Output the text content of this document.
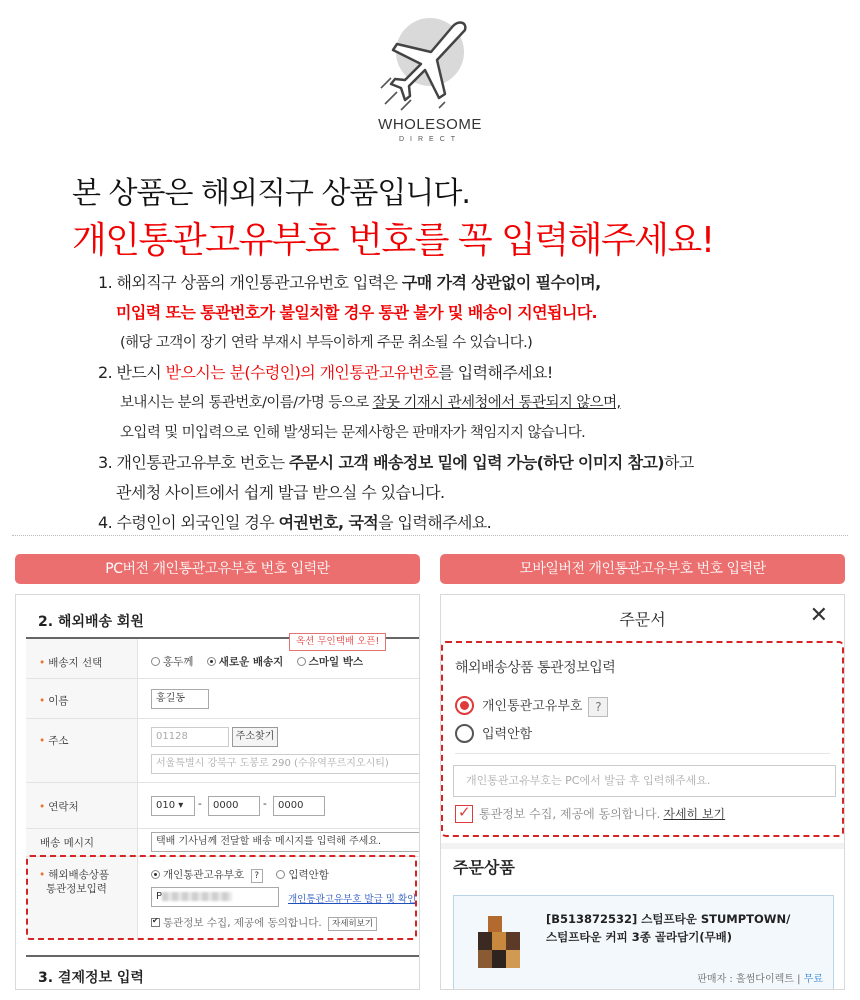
WHOLESOME
DIRECT
본 상품은 해외직구 상품입니다.
개인통관고유부호 번호를 꼭 입력해주세요!
1. 해외직구 상품의 개인통관고유번호 입력은 구매 가격 상관없이 필수이며,
미입력 또는 통관번호가 불일치할 경우 통관 불가 및 배송이 지연됩니다.
(해당 고객이 장기 연락 부재시 부득이하게 주문 취소될 수 있습니다.)
2. 반드시 받으시는 분(수령인)의 개인통관고유번호를 입력해주세요!
보내시는 분의 통관번호/이름/가명 등으로 잘못 기재시 관세청에서 통관되지 않으며,
오입력 및 미입력으로 인해 발생되는 문제사항은 판매자가 책임지지 않습니다.
3. 개인통관고유부호 번호는 주문시 고객 배송정보 밑에 입력 가능(하단 이미지 참고)하고
관세청 사이트에서 쉽게 발급 받으실 수 있습니다.
4. 수령인이 외국인일 경우 여권번호, 국적을 입력해주세요.
PC버전 개인통관고유부호 번호 입력란	모바일버전 개인통관고유부호 번호 입력란
2. 해외배송 회원
옥션 무인택배 오픈!
• 배송지 선택	홍두께 새로운 배송지 스마일 박스
• 이름	홍길동
• 주소	01128	주소찾기
서울특별시 강북구 도봉로 290 (수유역푸르지오시티)
• 연락처	010 ▾	-	0000	-	0000
배송 메시지	택배 기사님께 전달할 배송 메시지를 입력해 주세요.
• 해외배송상품
통관정보입력
개인통관고유부호 ?	입력안함
P	개인통관고유부호 발급 및 확인
✔통관정보 수집, 제공에 동의합니다. 자세히보기
3. 결제정보 입력
주문서	✕
해외배송상품 통관정보입력
개인통관고유부호 ?
입력안함
개인통관고유부호는 PC에서 발급 후 입력해주세요.
✓통관정보 수집, 제공에 동의합니다. 자세히 보기
주문상품
[B513872532] 스텀프타운 STUMPTOWN/
스텀프타운 커피 3종 골라담기(무배)
판매자 : 홀썸다이렉트 | 무료
